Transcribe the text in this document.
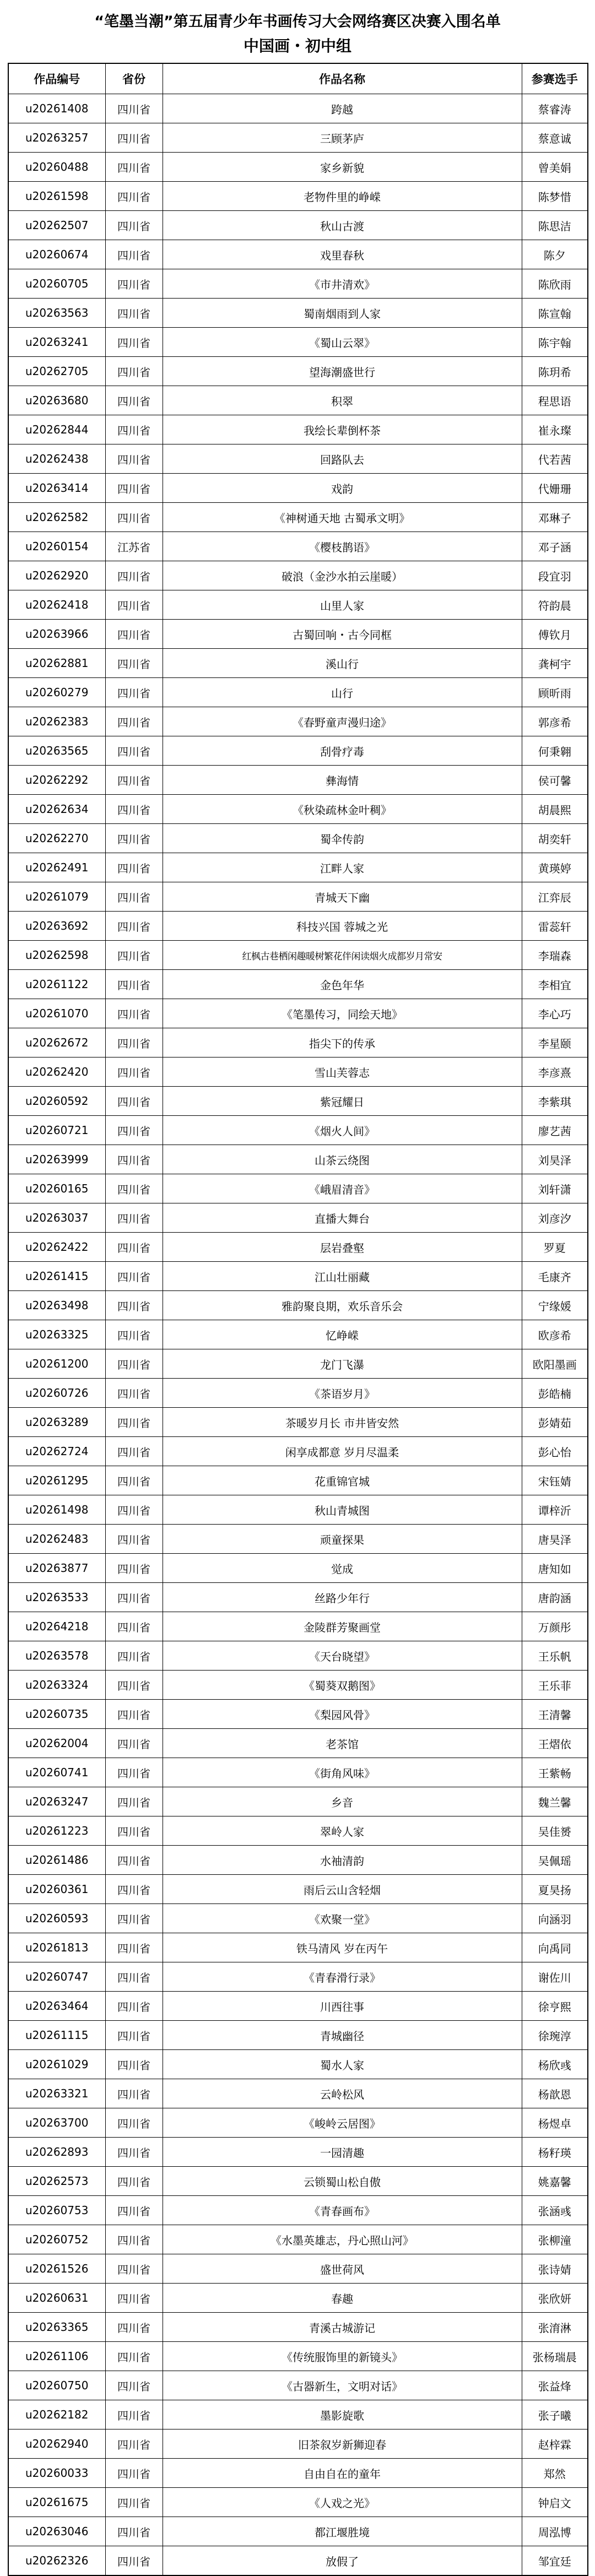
“笔墨当潮”第五届青少年书画传习大会网络赛区决赛入围名单
中国画・初中组
作品编号	省份	作品名称	参赛选手
u20261408	四川省	跨越	蔡睿涛
u20263257	四川省	三顾茅庐	蔡意诚
u20260488	四川省	家乡新貌	曾美娟
u20261598	四川省	老物件里的峥嵘	陈梦惜
u20262507	四川省	秋山古渡	陈思洁
u20260674	四川省	戏里春秋	陈夕
u20260705	四川省	《市井清欢》	陈欣雨
u20263563	四川省	蜀南烟雨到人家	陈宣翰
u20263241	四川省	《蜀山云翠》	陈宇翰
u20262705	四川省	望海潮盛世行	陈玥希
u20263680	四川省	积翠	程思语
u20262844	四川省	我绘长辈倒杯茶	崔永璨
u20262438	四川省	回路队去	代若茜
u20263414	四川省	戏韵	代姗珊
u20262582	四川省	《神树通天地 古蜀承文明》	邓琳子
u20260154	江苏省	《樱枝鹊语》	邓子涵
u20262920	四川省	破浪（金沙水拍云崖暖）	段宜羽
u20262418	四川省	山里人家	符韵晨
u20263966	四川省	古蜀回响・古今同框	傅钦月
u20262881	四川省	溪山行	龚柯宇
u20260279	四川省	山行	顾昕雨
u20262383	四川省	《春野童声漫归途》	郭彦希
u20263565	四川省	刮骨疗毒	何秉翱
u20262292	四川省	彝海情	侯可馨
u20262634	四川省	《秋染疏林金叶稠》	胡晨熙
u20262270	四川省	蜀伞传韵	胡奕轩
u20262491	四川省	江畔人家	黄瑛婷
u20261079	四川省	青城天下幽	江弈辰
u20263692	四川省	科技兴国 蓉城之光	雷蕊轩
u20262598	四川省	红枫古巷栖闲趣暖树繁花伴闲读烟火成都岁月常安	李瑞森
u20261122	四川省	金色年华	李相宜
u20261070	四川省	《笔墨传习，同绘天地》	李心巧
u20262672	四川省	指尖下的传承	李星颐
u20262420	四川省	雪山芙蓉志	李彦熹
u20260592	四川省	紫冠耀日	李紫琪
u20260721	四川省	《烟火人间》	廖艺茜
u20263999	四川省	山茶云绕图	刘昊泽
u20260165	四川省	《峨眉清音》	刘轩潇
u20263037	四川省	直播大舞台	刘彦汐
u20262422	四川省	层岩叠壑	罗夏
u20261415	四川省	江山壮丽藏	毛康齐
u20263498	四川省	雅韵聚良期，欢乐音乐会	宁缘媛
u20263325	四川省	忆峥嵘	欧彦希
u20261200	四川省	龙门飞瀑	欧阳墨画
u20260726	四川省	《茶语岁月》	彭皓楠
u20263289	四川省	茶暖岁月长 市井皆安然	彭婧茹
u20262724	四川省	闲享成都意 岁月尽温柔	彭心怡
u20261295	四川省	花重锦官城	宋钰婧
u20261498	四川省	秋山青城图	谭梓沂
u20262483	四川省	顽童探果	唐昊泽
u20263877	四川省	觉成	唐知如
u20263533	四川省	丝路少年行	唐韵涵
u20264218	四川省	金陵群芳聚画堂	万颜彤
u20263578	四川省	《天台晓望》	王乐帆
u20263324	四川省	《蜀葵双鹅图》	王乐菲
u20260735	四川省	《梨园风骨》	王清馨
u20262004	四川省	老茶馆	王熠依
u20260741	四川省	《街角风味》	王紫畅
u20263247	四川省	乡音	魏兰馨
u20261223	四川省	翠岭人家	吴佳赟
u20261486	四川省	水袖清韵	吴佩瑶
u20260361	四川省	雨后云山含轻烟	夏昊扬
u20260593	四川省	《欢聚一堂》	向涵羽
u20261813	四川省	铁马清风 岁在丙午	向禹同
u20260747	四川省	《青春滑行录》	谢佐川
u20263464	四川省	川西往事	徐亨熙
u20261115	四川省	青城幽径	徐琬淳
u20261029	四川省	蜀水人家	杨欣彧
u20263321	四川省	云岭松风	杨歆恩
u20263700	四川省	《峻岭云居图》	杨煜卓
u20262893	四川省	一园清趣	杨籽瑛
u20262573	四川省	云锁蜀山松自傲	姚嘉馨
u20260753	四川省	《青春画布》	张涵彧
u20260752	四川省	《水墨英雄志，丹心照山河》	张柳潼
u20261526	四川省	盛世荷风	张诗婧
u20260631	四川省	春趣	张欣妍
u20263365	四川省	青溪古城游记	张淯淋
u20261106	四川省	《传统服饰里的新镜头》	张杨瑞晨
u20260750	四川省	《古器新生，文明对话》	张益烽
u20262182	四川省	墨影旋歌	张子曦
u20262940	四川省	旧茶叙岁新狮迎春	赵梓霖
u20260033	四川省	自由自在的童年	郑然
u20261675	四川省	《人戏之光》	钟启文
u20263046	四川省	都江堰胜境	周泓博
u20262326	四川省	放假了	邹宜廷
